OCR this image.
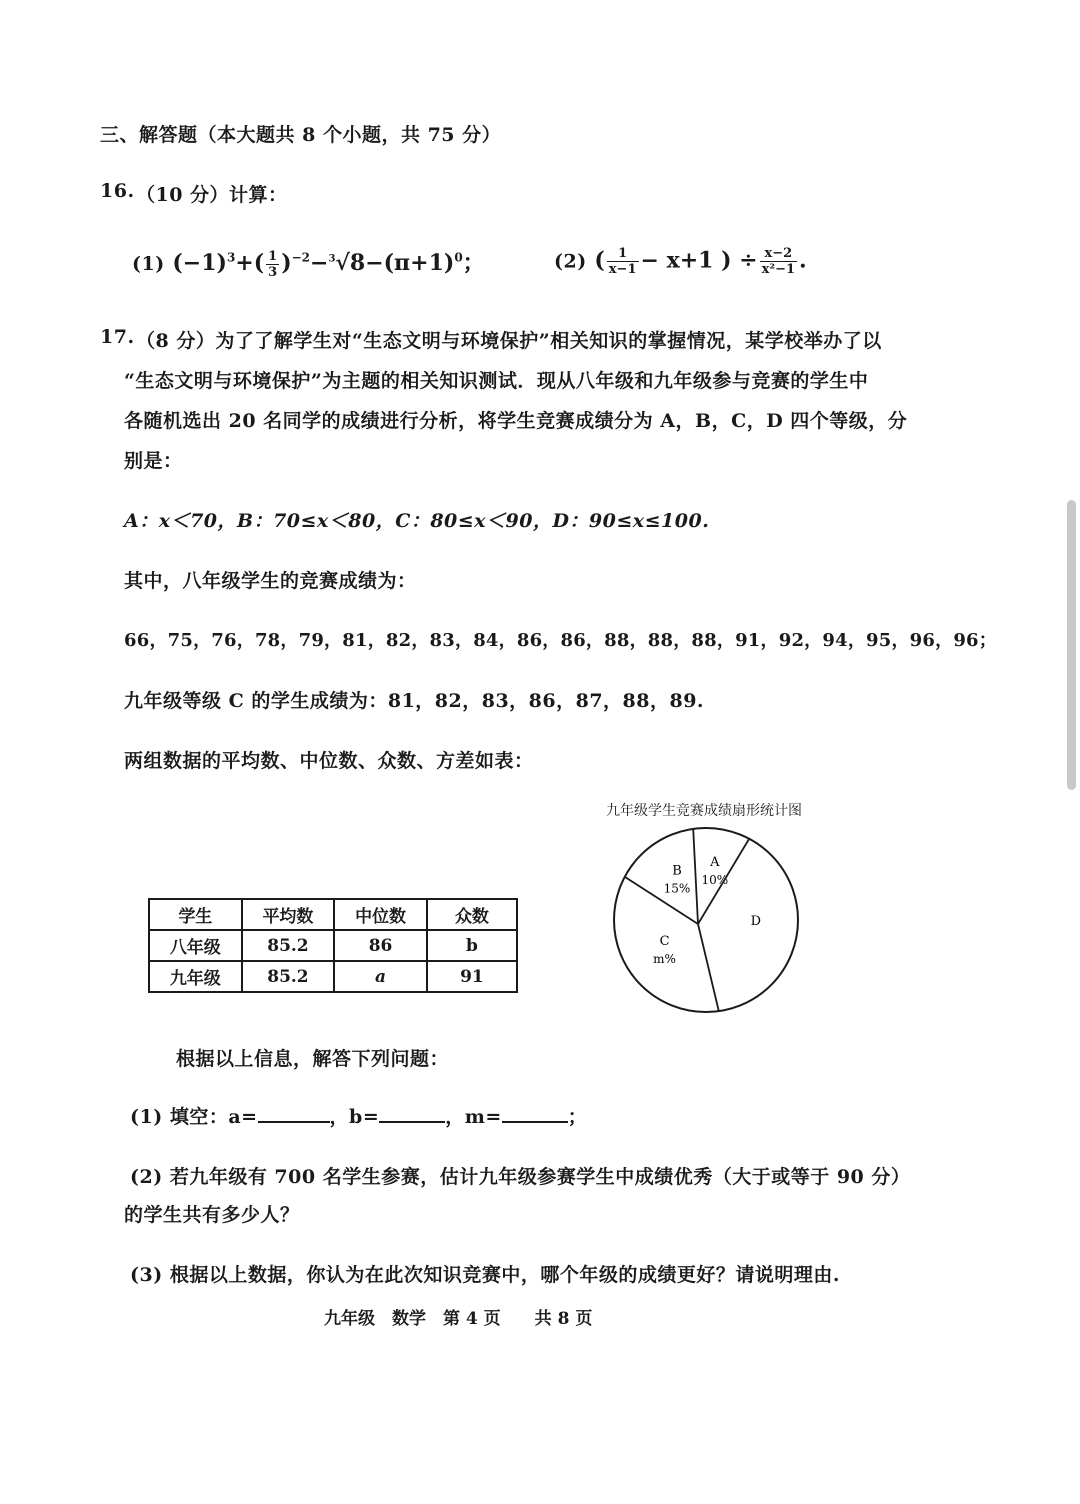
三、解答题（本大题共 8 个小题，共 75 分）
16. （10 分）计算：
(1) $(-1)^3+( \frac{1}{3} )^{-2}-^3√8-(\pi+1)^0$；	(2) ( $\frac{1}{x-1} - x+1$ ) ÷ $\frac{x-2}{\text{x²−1}}$ .
17. （8 分）为了了解学生对“生态文明与环境保护”相关知识的掌握情况，某学校举办了以
“生态文明与环境保护”为主题的相关知识测试．现从八年级和九年级参与竞赛的学生中
各随机选出 20 名同学的成绩进行分析，将学生竞赛成绩分为 A，B，C，D 四个等级，分
别是：
A：x＜70，B：70≤x＜80，C：80≤x＜90，D：90≤x≤100.
其中，八年级学生的竞赛成绩为：
66，75，76，78，79，81，82，83，84，86，86，88，88，88，91，92，94，95，96，96；
九年级等级 C 的学生成绩为：81，82，83，86，87，88，89.
两组数据的平均数、中位数、众数、方差如表：
学生	平均数	中位数	众数
八年级	85.2	86	b
九年级	85.2	a	91
九年级学生竞赛成绩扇形统计图
A
10%
B
15%
C
m%
D
根据以上信息，解答下列问题：
(1) 填空：a=	，b=	，m=	；
(2) 若九年级有 700 名学生参赛，估计九年级参赛学生中成绩优秀（大于或等于 90 分）
的学生共有多少人？
(3) 根据以上数据，你认为在此次知识竞赛中，哪个年级的成绩更好？请说明理由.
九年级　数学　第 4 页　　共 8 页
